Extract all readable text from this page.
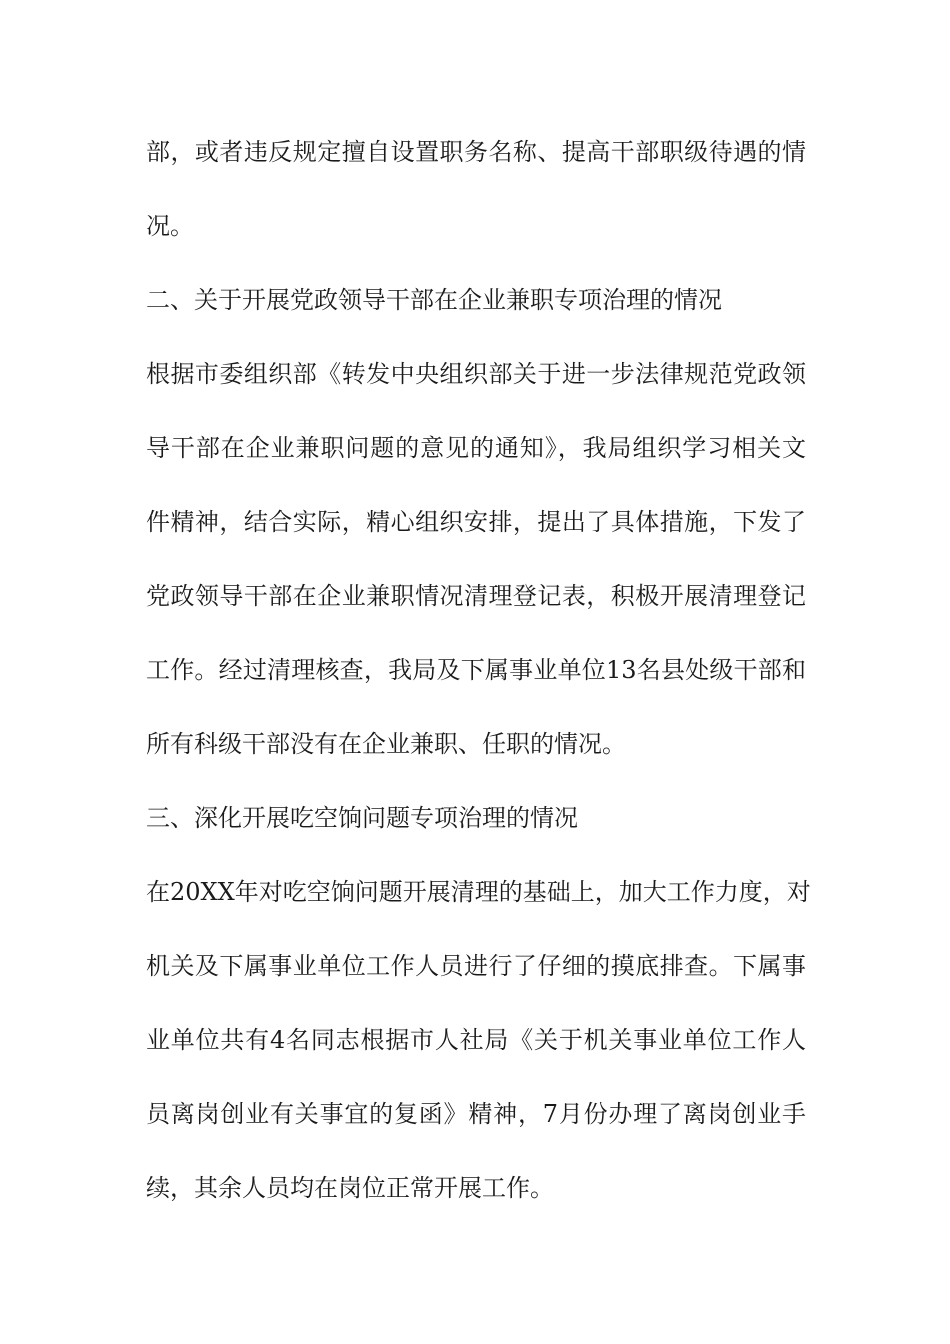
部，或者违反规定擅自设置职务名称、提高干部职级待遇的情
况。
二、关于开展党政领导干部在企业兼职专项治理的情况
根据市委组织部《转发中央组织部关于进一步法律规范党政领
导干部在企业兼职问题的意见的通知》，我局组织学习相关文
件精神，结合实际，精心组织安排，提出了具体措施，下发了
党政领导干部在企业兼职情况清理登记表，积极开展清理登记
工作。经过清理核查，我局及下属事业单位13名县处级干部和
所有科级干部没有在企业兼职、任职的情况。
三、深化开展吃空饷问题专项治理的情况
在20XX年对吃空饷问题开展清理的基础上，加大工作力度，对
机关及下属事业单位工作人员进行了仔细的摸底排查。下属事
业单位共有4名同志根据市人社局《关于机关事业单位工作人
员离岗创业有关事宜的复函》精神，7月份办理了离岗创业手
续，其余人员均在岗位正常开展工作。
